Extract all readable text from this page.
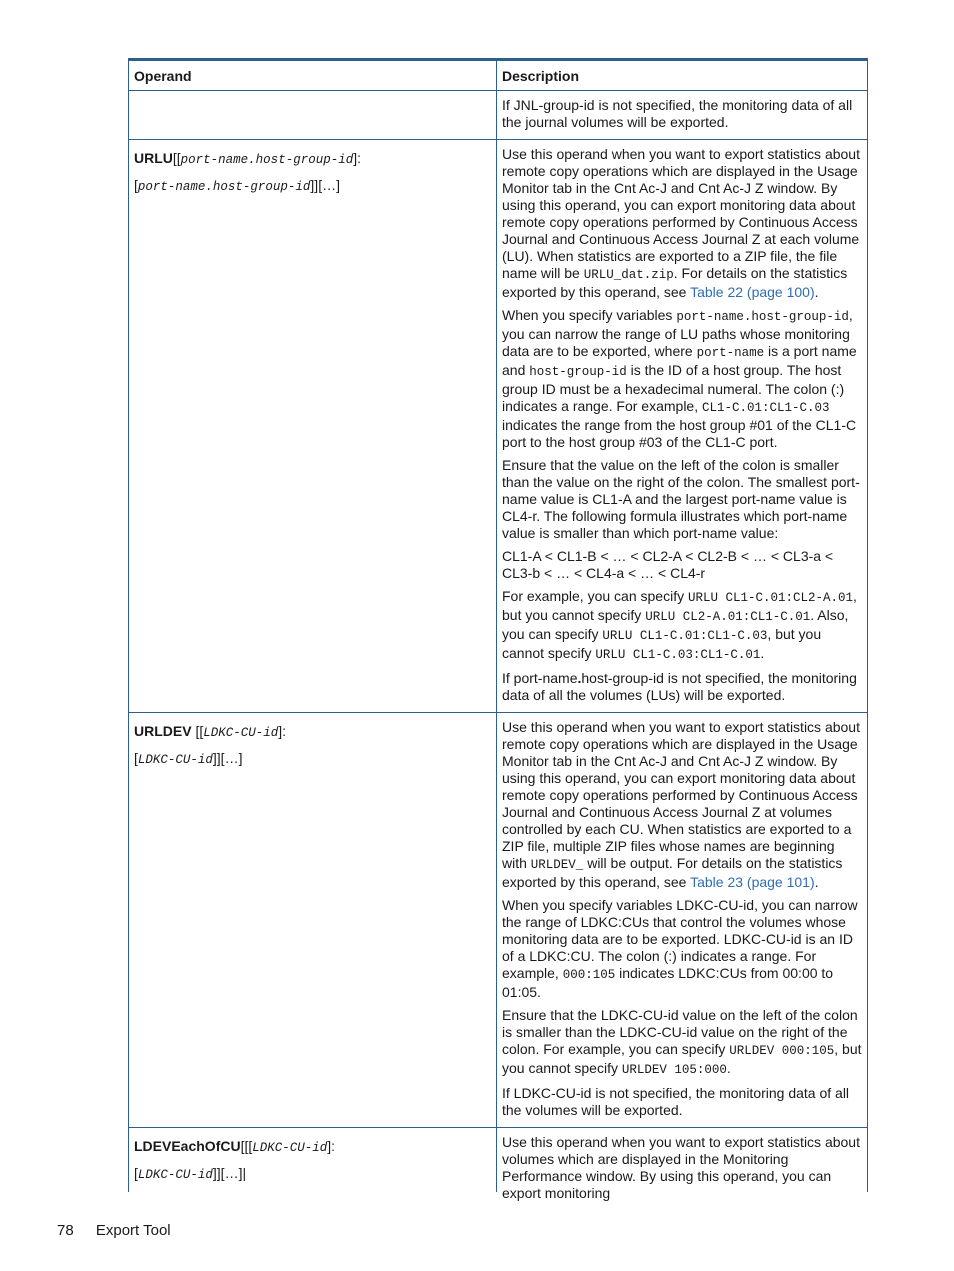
Operand	Description

If JNL-group-id is not specified, the monitoring data of all the journal volumes will be exported.

URLU[[port-name.host-group-id]:
[port-name.host-group-id]][…]

Use this operand when you want to export statistics about remote copy operations which are displayed in the Usage Monitor tab in the Cnt Ac-J and Cnt Ac-J Z window. By using this operand, you can export monitoring data about remote copy operations performed by Continuous Access Journal and Continuous Access Journal Z at each volume (LU). When statistics are exported to a ZIP file, the file name will be URLU_dat.zip. For details on the statistics exported by this operand, see Table 22 (page 100).

When you specify variables port-name.host-group-id, you can narrow the range of LU paths whose monitoring data are to be exported, where port-name is a port name and host-group-id is the ID of a host group. The host group ID must be a hexadecimal numeral. The colon (:) indicates a range. For example, CL1-C.01:CL1-C.03 indicates the range from the host group #01 of the CL1-C port to the host group #03 of the CL1-C port.

Ensure that the value on the left of the colon is smaller than the value on the right of the colon. The smallest port-name value is CL1-A and the largest port-name value is CL4-r. The following formula illustrates which port-name value is smaller than which port-name value:

CL1-A < CL1-B < … < CL2-A < CL2-B < … < CL3-a < CL3-b < … < CL4-a < … < CL4-r

For example, you can specify URLU CL1-C.01:CL2-A.01, but you cannot specify URLU CL2-A.01:CL1-C.01. Also, you can specify URLU CL1-C.01:CL1-C.03, but you cannot specify URLU CL1-C.03:CL1-C.01.

If port-name.host-group-id is not specified, the monitoring data of all the volumes (LUs) will be exported.

URLDEV [[LDKC-CU-id]:
[LDKC-CU-id]][…]

Use this operand when you want to export statistics about remote copy operations which are displayed in the Usage Monitor tab in the Cnt Ac-J and Cnt Ac-J Z window. By using this operand, you can export monitoring data about remote copy operations performed by Continuous Access Journal and Continuous Access Journal Z at volumes controlled by each CU. When statistics are exported to a ZIP file, multiple ZIP files whose names are beginning with URLDEV_ will be output. For details on the statistics exported by this operand, see Table 23 (page 101).

When you specify variables LDKC-CU-id, you can narrow the range of LDKC:CUs that control the volumes whose monitoring data are to be exported. LDKC-CU-id is an ID of a LDKC:CU. The colon (:) indicates a range. For example, 000:105 indicates LDKC:CUs from 00:00 to 01:05.

Ensure that the LDKC-CU-id value on the left of the colon is smaller than the LDKC-CU-id value on the right of the colon. For example, you can specify URLDEV 000:105, but you cannot specify URLDEV 105:000.

If LDKC-CU-id is not specified, the monitoring data of all the volumes will be exported.

LDEVEachOfCU[[[LDKC-CU-id]:
[LDKC-CU-id]][…]|

Use this operand when you want to export statistics about volumes which are displayed in the Monitoring Performance window. By using this operand, you can export monitoring

78 Export Tool
